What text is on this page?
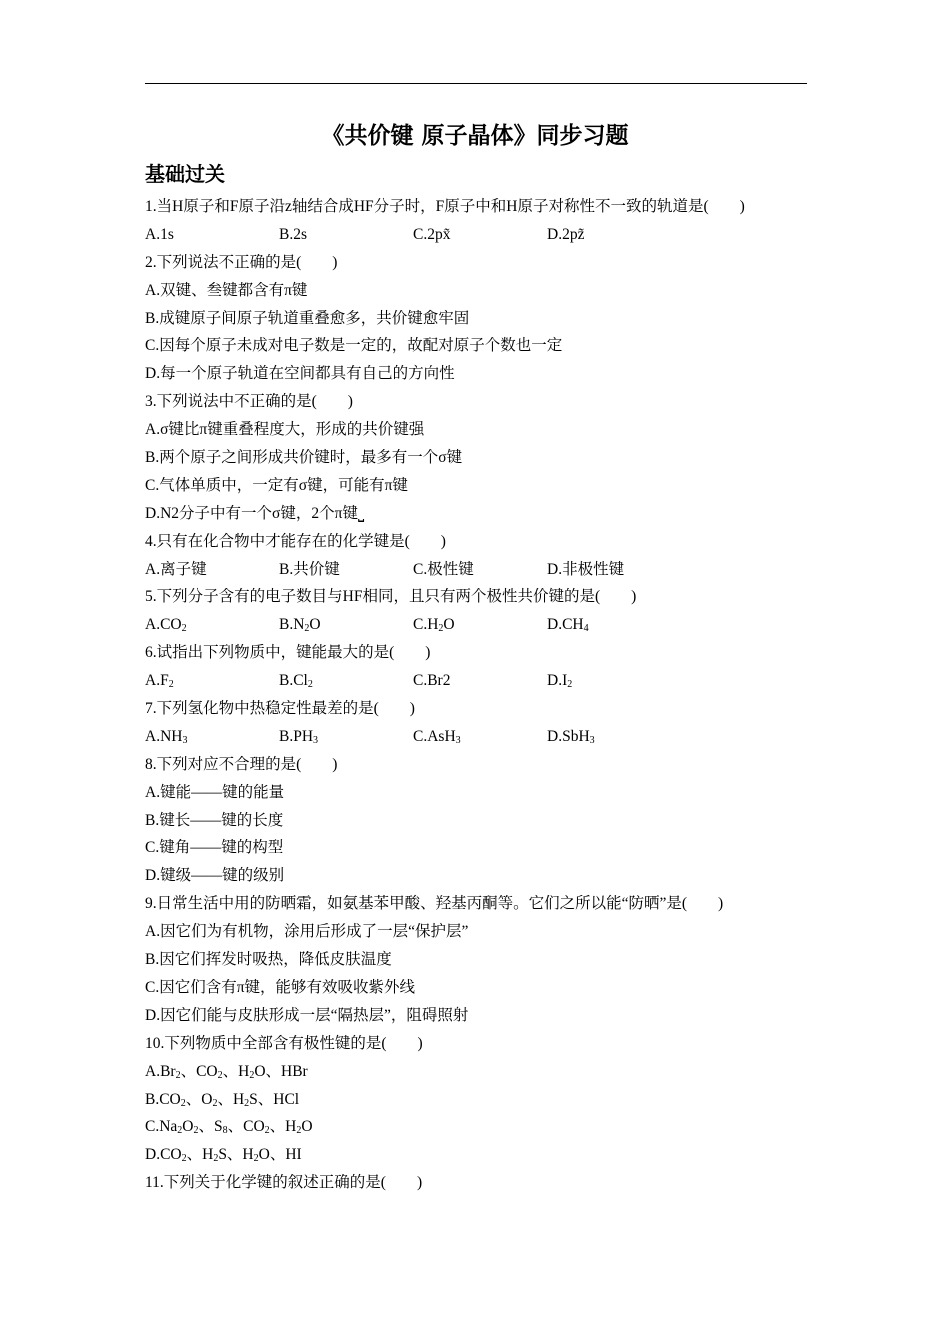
《共价键 原子晶体》同步习题
基础过关
1.当H原子和F原子沿z轴结合成HF分子时，F原子中和H原子对称性不一致的轨道是(　　)
A.1s	B.2s	C.2px̃	D.2pz̃
2.下列说法不正确的是(　　)
A.双键、叁键都含有π键
B.成键原子间原子轨道重叠愈多，共价键愈牢固
C.因每个原子未成对电子数是一定的，故配对原子个数也一定
D.每一个原子轨道在空间都具有自己的方向性
3.下列说法中不正确的是(　　)
A.σ键比π键重叠程度大，形成的共价键强
B.两个原子之间形成共价键时，最多有一个σ键
C.气体单质中，一定有σ键，可能有π键
D.N2分子中有一个σ键，2个π键⎵
4.只有在化合物中才能存在的化学键是(　　)
A.离子键	B.共价键	C.极性键	D.非极性键
5.下列分子含有的电子数目与HF相同，且只有两个极性共价键的是(　　)
$A.CO_2$	$B.N_2O$	$C.H_2O$	$D.CH_4$
6.试指出下列物质中，键能最大的是(　　)
$A.F_2$	$B.Cl_2$	C.Br2	$D.I_2$
7.下列氢化物中热稳定性最差的是(　　)
$A.NH_3$	$B.PH_3$	C.AsH$_3$	D.SbH$_3$
8.下列对应不合理的是(　　)
A.键能——键的能量
B.键长——键的长度
C.键角——键的构型
D.键级——键的级别
9.日常生活中用的防晒霜，如氨基苯甲酸、羟基丙酮等。它们之所以能“防晒”是(　　)
A.因它们为有机物，涂用后形成了一层“保护层”
B.因它们挥发时吸热，降低皮肤温度
C.因它们含有π键，能够有效吸收紫外线
D.因它们能与皮肤形成一层“隔热层”，阻碍照射
10.下列物质中全部含有极性键的是(　　)
$A.Br_2$、$CO_2$、$H_2O$、HBr
$B.CO_2$、$O_2$、$H_2S$、HCl
$C.Na_2O_2$、$S_8$、$CO_2$、$H_2O$
$D.CO_2$、$H_2S$、$H_2O$、HI
11.下列关于化学键的叙述正确的是(　　)
